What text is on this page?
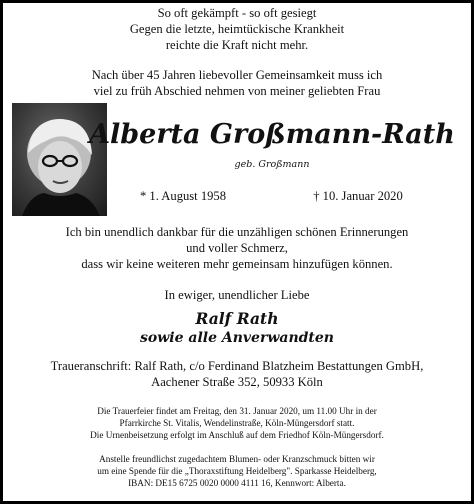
So oft gekämpft - so oft gesiegt
Gegen die letzte, heimtückische Krankheit
reichte die Kraft nicht mehr.
Nach über 45 Jahren liebevoller Gemeinsamkeit muss ich
viel zu früh Abschied nehmen von meiner geliebten Frau
Alberta Großmann-Rath
geb. Großmann
* 1. August 1958	† 10. Januar 2020
Ich bin unendlich dankbar für die unzähligen schönen Erinnerungen
und voller Schmerz,
dass wir keine weiteren mehr gemeinsam hinzufügen können.
In ewiger, unendlicher Liebe
Ralf Rath
sowie alle Anverwandten
Traueranschrift: Ralf Rath, c/o Ferdinand Blatzheim Bestattungen GmbH,
Aachener Straße 352, 50933 Köln
Die Trauerfeier findet am Freitag, den 31. Januar 2020, um 11.00 Uhr in der
Pfarrkirche St. Vitalis, Wendelinstraße, Köln-Müngersdorf statt.
Die Urnenbeisetzung erfolgt im Anschluß auf dem Friedhof Köln-Müngersdorf.
Anstelle freundlichst zugedachtem Blumen- oder Kranzschmuck bitten wir
um eine Spende für die „Thoraxstiftung Heidelberg". Sparkasse Heidelberg,
IBAN: DE15 6725 0020 0000 4111 16, Kennwort: Alberta.
